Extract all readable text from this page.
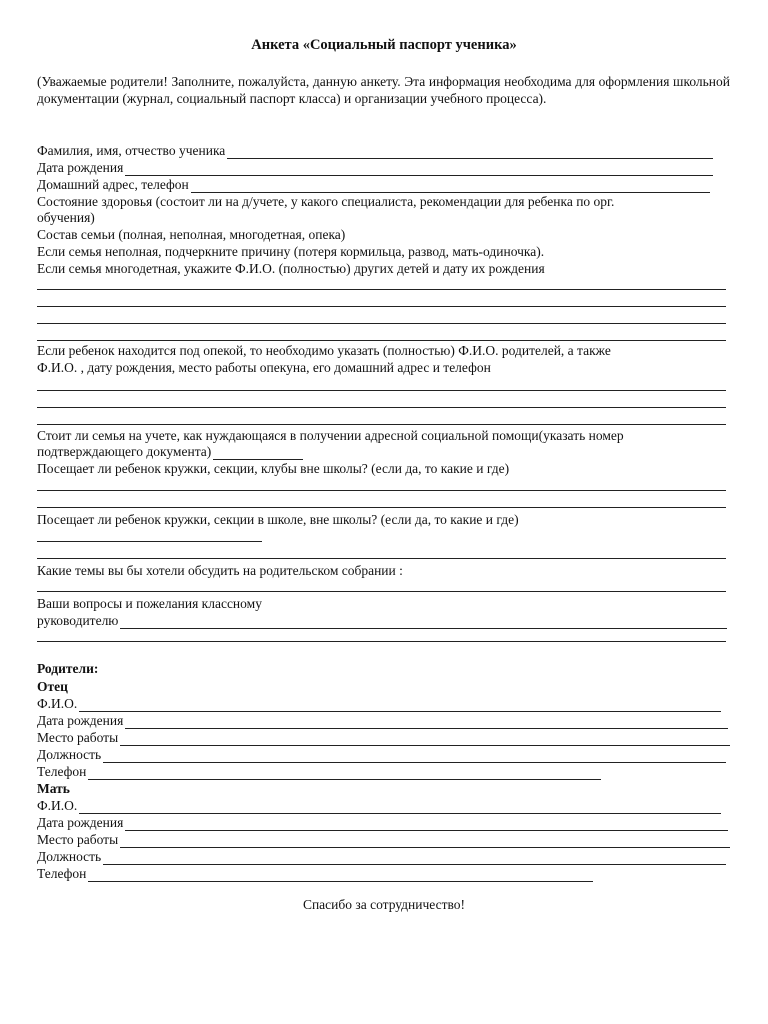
Анкета «Социальный паспорт ученика»
(Уважаемые родители! Заполните, пожалуйста, данную анкету. Эта информация необходима для оформления школьной документации (журнал, социальный паспорт класса) и организации учебного процесса).
Фамилия, имя, отчество ученика
Дата рождения
Домашний адрес, телефон
Состояние здоровья (состоит ли на д/учете, у какого специалиста, рекомендации для ребенка по орг.
обучения)
Состав семьи (полная, неполная, многодетная, опека)
Если семья неполная, подчеркните причину (потеря кормильца, развод, мать-одиночка).
Если семья многодетная, укажите Ф.И.О. (полностью) других детей и дату их рождения
Если ребенок находится под опекой, то необходимо указать (полностью) Ф.И.О. родителей, а также
Ф.И.О. , дату рождения, место работы опекуна, его домашний адрес и телефон
Стоит ли семья на учете, как нуждающаяся в получении адресной социальной помощи(указать номер
подтверждающего документа)
Посещает ли ребенок кружки, секции, клубы вне школы? (если да, то какие и где)
Посещает ли ребенок кружки, секции в школе, вне школы? (если да, то какие и где)
Какие темы вы бы хотели обсудить на родительском собрании :
Ваши вопросы и пожелания классному
руководителю
Родители:
Отец
Ф.И.О.
Дата рождения
Место работы
Должность
Телефон
Мать
Ф.И.О.
Дата рождения
Место работы
Должность
Телефон
Спасибо за сотрудничество!
